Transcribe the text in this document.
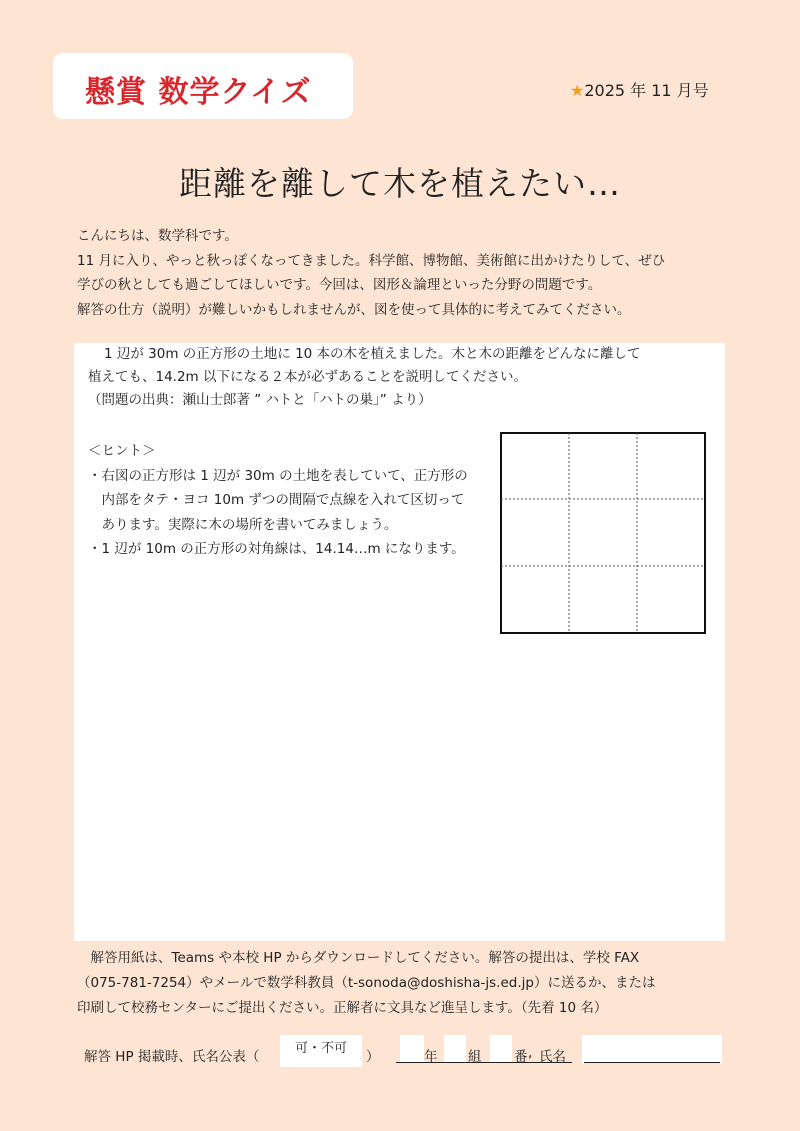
懸賞 数学クイズ	★2025 年 11 月号
距離を離して木を植えたい…

こんにちは、数学科です。

11 月に入り、やっと秋っぽくなってきました。科学館、博物館、美術館に出かけたりして、ぜひ

学びの秋としても過ごしてほしいです。今回は、図形＆論理といった分野の問題です。

解答の仕方（説明）が難しいかもしれませんが、図を使って具体的に考えてみてください。

1 辺が 30m の正方形の土地に 10 本の木を植えました。木と木の距離をどんなに離して

植えても、14.2m 以下になる２本が必ずあることを説明してください。

（問題の出典：瀬山士郎著 ” ハトと「ハトの巣」” より）

＜ヒント＞

・右図の正方形は 1 辺が 30m の土地を表していて、正方形の

　内部をタテ・ヨコ 10m ずつの間隔で点線を入れて区切って

　あります。実際に木の場所を書いてみましょう。

・1 辺が 10m の正方形の対角線は、14.14…m になります。

　解答用紙は、Teams や本校 HP からダウンロードしてください。解答の提出は、学校 FAX

（075-781-7254）やメールで数学科教員（t-sonoda@doshisha-js.ed.jp）に送るか、または

印刷して校務センターにご提出ください。正解者に文具など進呈します。（先着 10 名）

解答 HP 掲載時、氏名公表（
可・不可
）	年 組 番 , 氏名
